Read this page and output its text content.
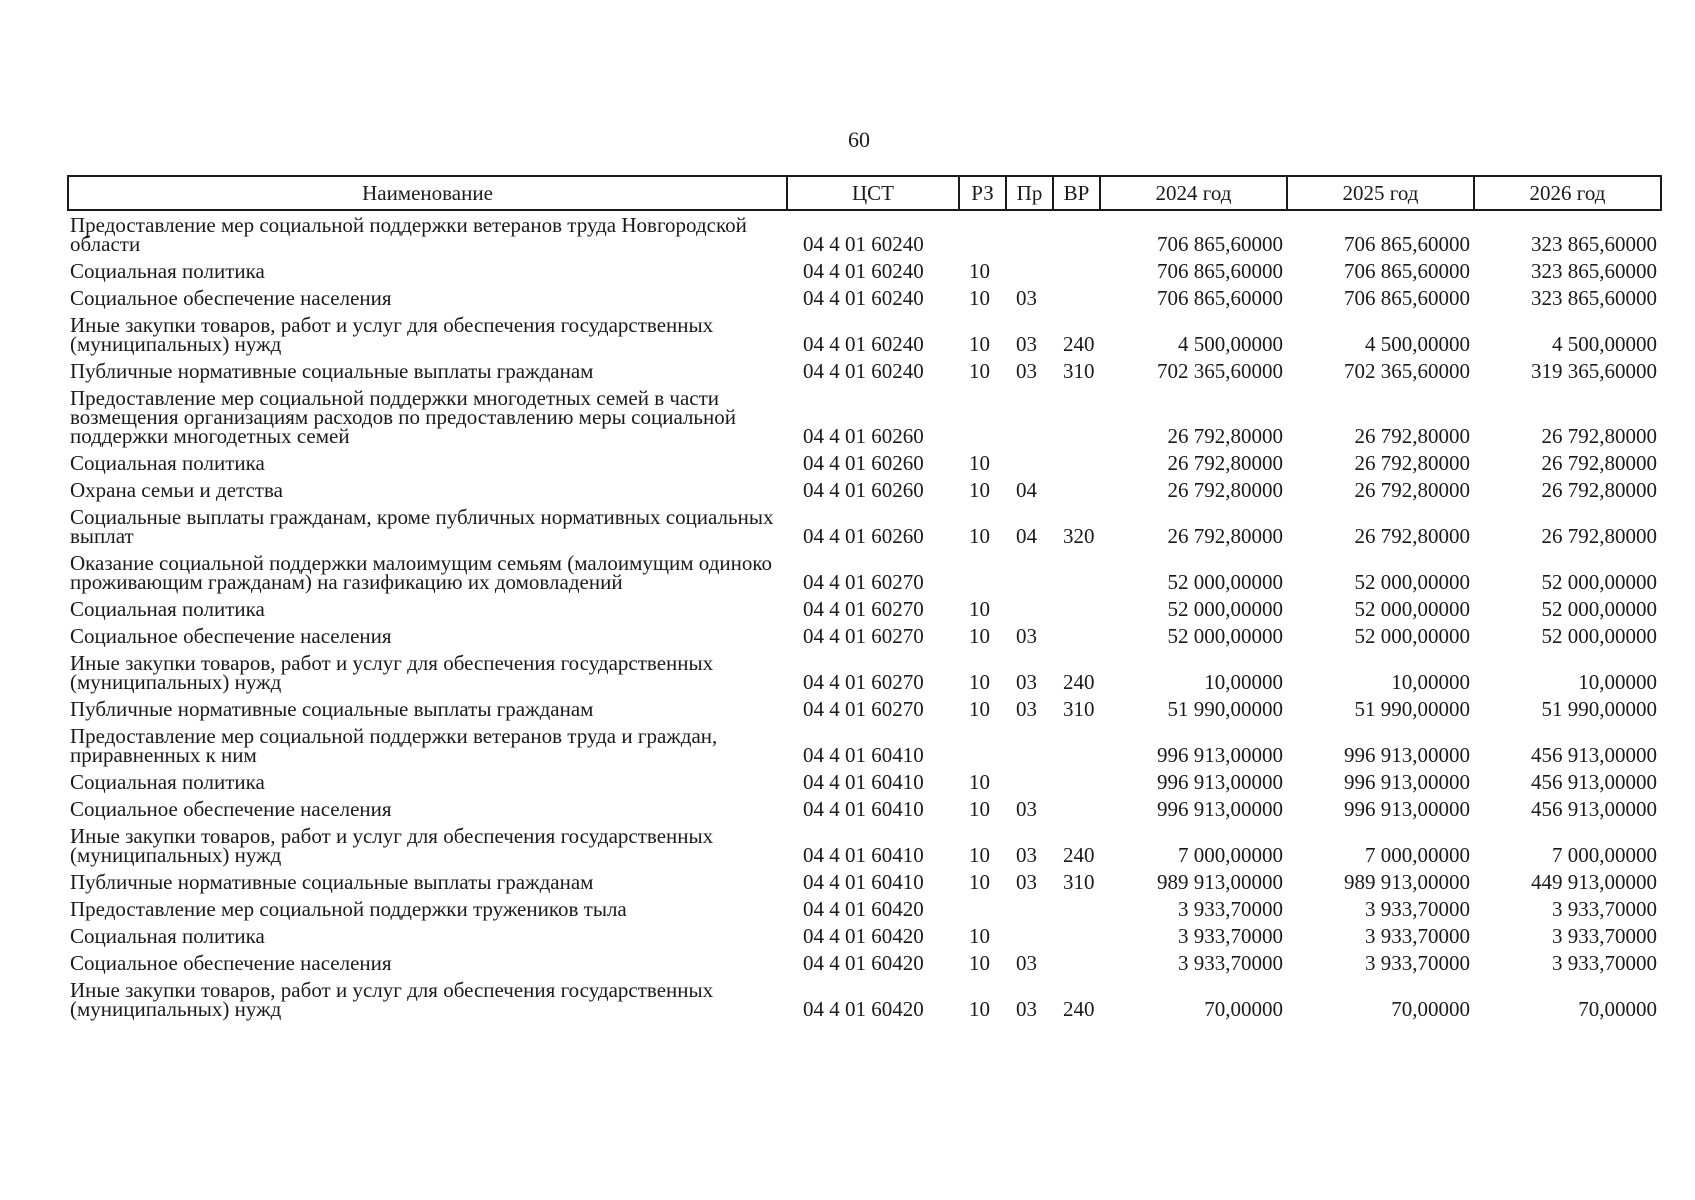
60
Наименование	ЦСТ	РЗ	Пр	ВР	2024 год	2025 год	2026 год
Предоставление мер социальной поддержки ветеранов труда Новгородской области	04 4 01 60240				706 865,60000	706 865,60000	323 865,60000
Социальная политика	04 4 01 60240	10			706 865,60000	706 865,60000	323 865,60000
Социальное обеспечение населения	04 4 01 60240	10	03		706 865,60000	706 865,60000	323 865,60000
Иные закупки товаров, работ и услуг для обеспечения государственных (муниципальных) нужд	04 4 01 60240	10	03	240	4 500,00000	4 500,00000	4 500,00000
Публичные нормативные социальные выплаты гражданам	04 4 01 60240	10	03	310	702 365,60000	702 365,60000	319 365,60000
Предоставление мер социальной поддержки многодетных семей в части возмещения организациям расходов по предоставлению меры социальной поддержки многодетных семей	04 4 01 60260				26 792,80000	26 792,80000	26 792,80000
Социальная политика	04 4 01 60260	10			26 792,80000	26 792,80000	26 792,80000
Охрана семьи и детства	04 4 01 60260	10	04		26 792,80000	26 792,80000	26 792,80000
Социальные выплаты гражданам, кроме публичных нормативных социальных выплат	04 4 01 60260	10	04	320	26 792,80000	26 792,80000	26 792,80000
Оказание социальной поддержки малоимущим семьям (малоимущим одиноко проживающим гражданам) на газификацию их домовладений	04 4 01 60270				52 000,00000	52 000,00000	52 000,00000
Социальная политика	04 4 01 60270	10			52 000,00000	52 000,00000	52 000,00000
Социальное обеспечение населения	04 4 01 60270	10	03		52 000,00000	52 000,00000	52 000,00000
Иные закупки товаров, работ и услуг для обеспечения государственных (муниципальных) нужд	04 4 01 60270	10	03	240	10,00000	10,00000	10,00000
Публичные нормативные социальные выплаты гражданам	04 4 01 60270	10	03	310	51 990,00000	51 990,00000	51 990,00000
Предоставление мер социальной поддержки ветеранов труда и граждан, приравненных к ним	04 4 01 60410				996 913,00000	996 913,00000	456 913,00000
Социальная политика	04 4 01 60410	10			996 913,00000	996 913,00000	456 913,00000
Социальное обеспечение населения	04 4 01 60410	10	03		996 913,00000	996 913,00000	456 913,00000
Иные закупки товаров, работ и услуг для обеспечения государственных (муниципальных) нужд	04 4 01 60410	10	03	240	7 000,00000	7 000,00000	7 000,00000
Публичные нормативные социальные выплаты гражданам	04 4 01 60410	10	03	310	989 913,00000	989 913,00000	449 913,00000
Предоставление мер социальной поддержки тружеников тыла	04 4 01 60420				3 933,70000	3 933,70000	3 933,70000
Социальная политика	04 4 01 60420	10			3 933,70000	3 933,70000	3 933,70000
Социальное обеспечение населения	04 4 01 60420	10	03		3 933,70000	3 933,70000	3 933,70000
Иные закупки товаров, работ и услуг для обеспечения государственных (муниципальных) нужд	04 4 01 60420	10	03	240	70,00000	70,00000	70,00000
